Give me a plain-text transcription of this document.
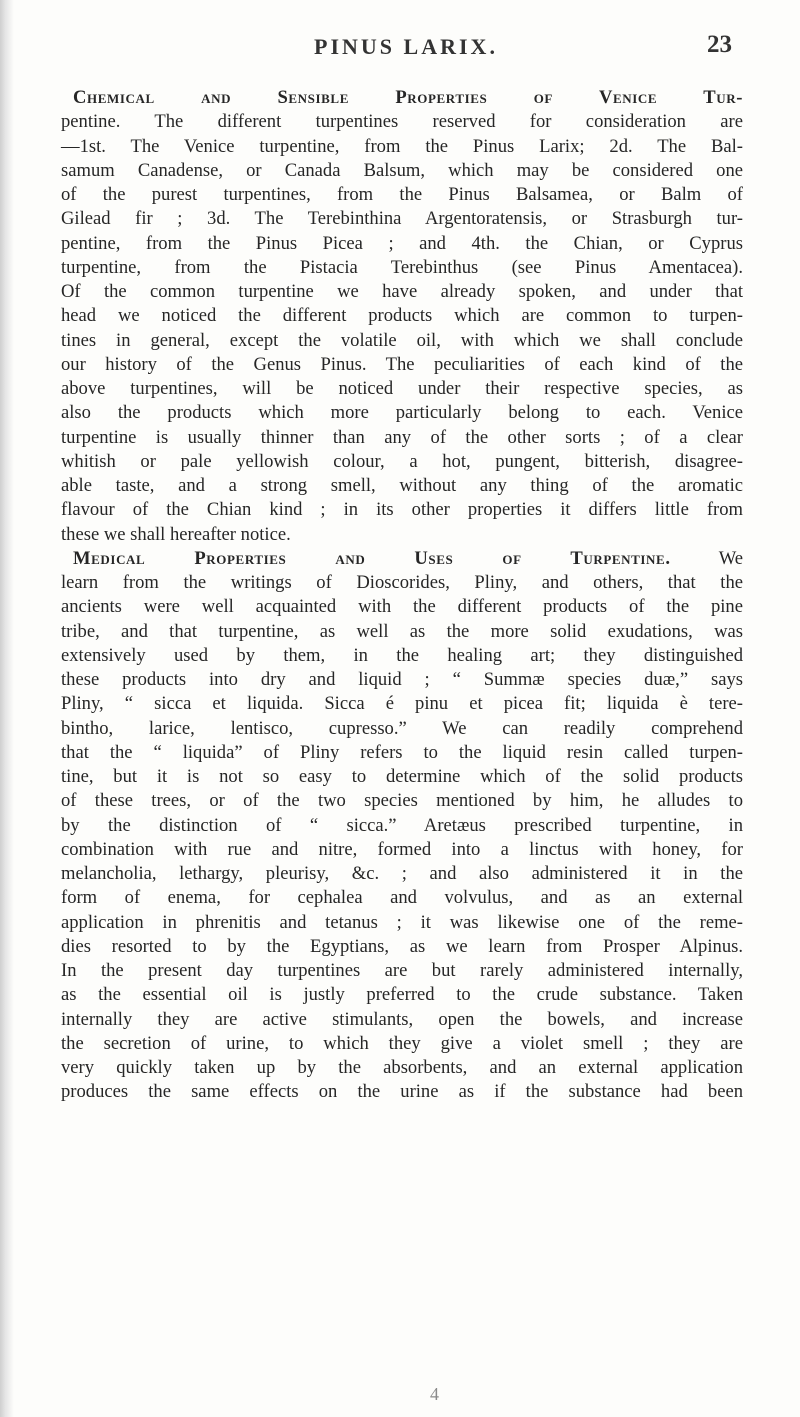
PINUS LARIX.	23
Chemical and Sensible Properties of Venice Tur-
pentine. The different turpentines reserved for consideration are
—1st. The Venice turpentine, from the Pinus Larix; 2d. The Bal-
samum Canadense, or Canada Balsum, which may be considered one
of the purest turpentines, from the Pinus Balsamea, or Balm of
Gilead fir ; 3d. The Terebinthina Argentoratensis, or Strasburgh tur-
pentine, from the Pinus Picea ; and 4th. the Chian, or Cyprus
turpentine, from the Pistacia Terebinthus (see Pinus Amentacea).
Of the common turpentine we have already spoken, and under that
head we noticed the different products which are common to turpen-
tines in general, except the volatile oil, with which we shall conclude
our history of the Genus Pinus. The peculiarities of each kind of the
above turpentines, will be noticed under their respective species, as
also the products which more particularly belong to each. Venice
turpentine is usually thinner than any of the other sorts ; of a clear
whitish or pale yellowish colour, a hot, pungent, bitterish, disagree-
able taste, and a strong smell, without any thing of the aromatic
flavour of the Chian kind ; in its other properties it differs little from
these we shall hereafter notice.
Medical Properties and Uses of Turpentine.	We
learn from the writings of Dioscorides, Pliny, and others, that the
ancients were well acquainted with the different products of the pine
tribe, and that turpentine, as well as the more solid exudations, was
extensively used by them, in the healing art; they distinguished
these products into dry and liquid ; “ Summæ species duæ,” says
Pliny, “ sicca et liquida. Sicca é pinu et picea fit; liquida è tere-
bintho, larice, lentisco, cupresso.” We can readily comprehend
that the “ liquida” of Pliny refers to the liquid resin called turpen-
tine, but it is not so easy to determine which of the solid products
of these trees, or of the two species mentioned by him, he alludes to
by the distinction of “ sicca.” Aretæus prescribed turpentine, in
combination with rue and nitre, formed into a linctus with honey, for
melancholia, lethargy, pleurisy, &c. ; and also administered it in the
form of enema, for cephalea and volvulus, and as an external
application in phrenitis and tetanus ; it was likewise one of the reme-
dies resorted to by the Egyptians, as we learn from Prosper Alpinus.
In the present day turpentines are but rarely administered internally,
as the essential oil is justly preferred to the crude substance. Taken
internally they are active stimulants, open the bowels, and increase
the secretion of urine, to which they give a violet smell ; they are
very quickly taken up by the absorbents, and an external application
produces the same effects on the urine as if the substance had been
4
